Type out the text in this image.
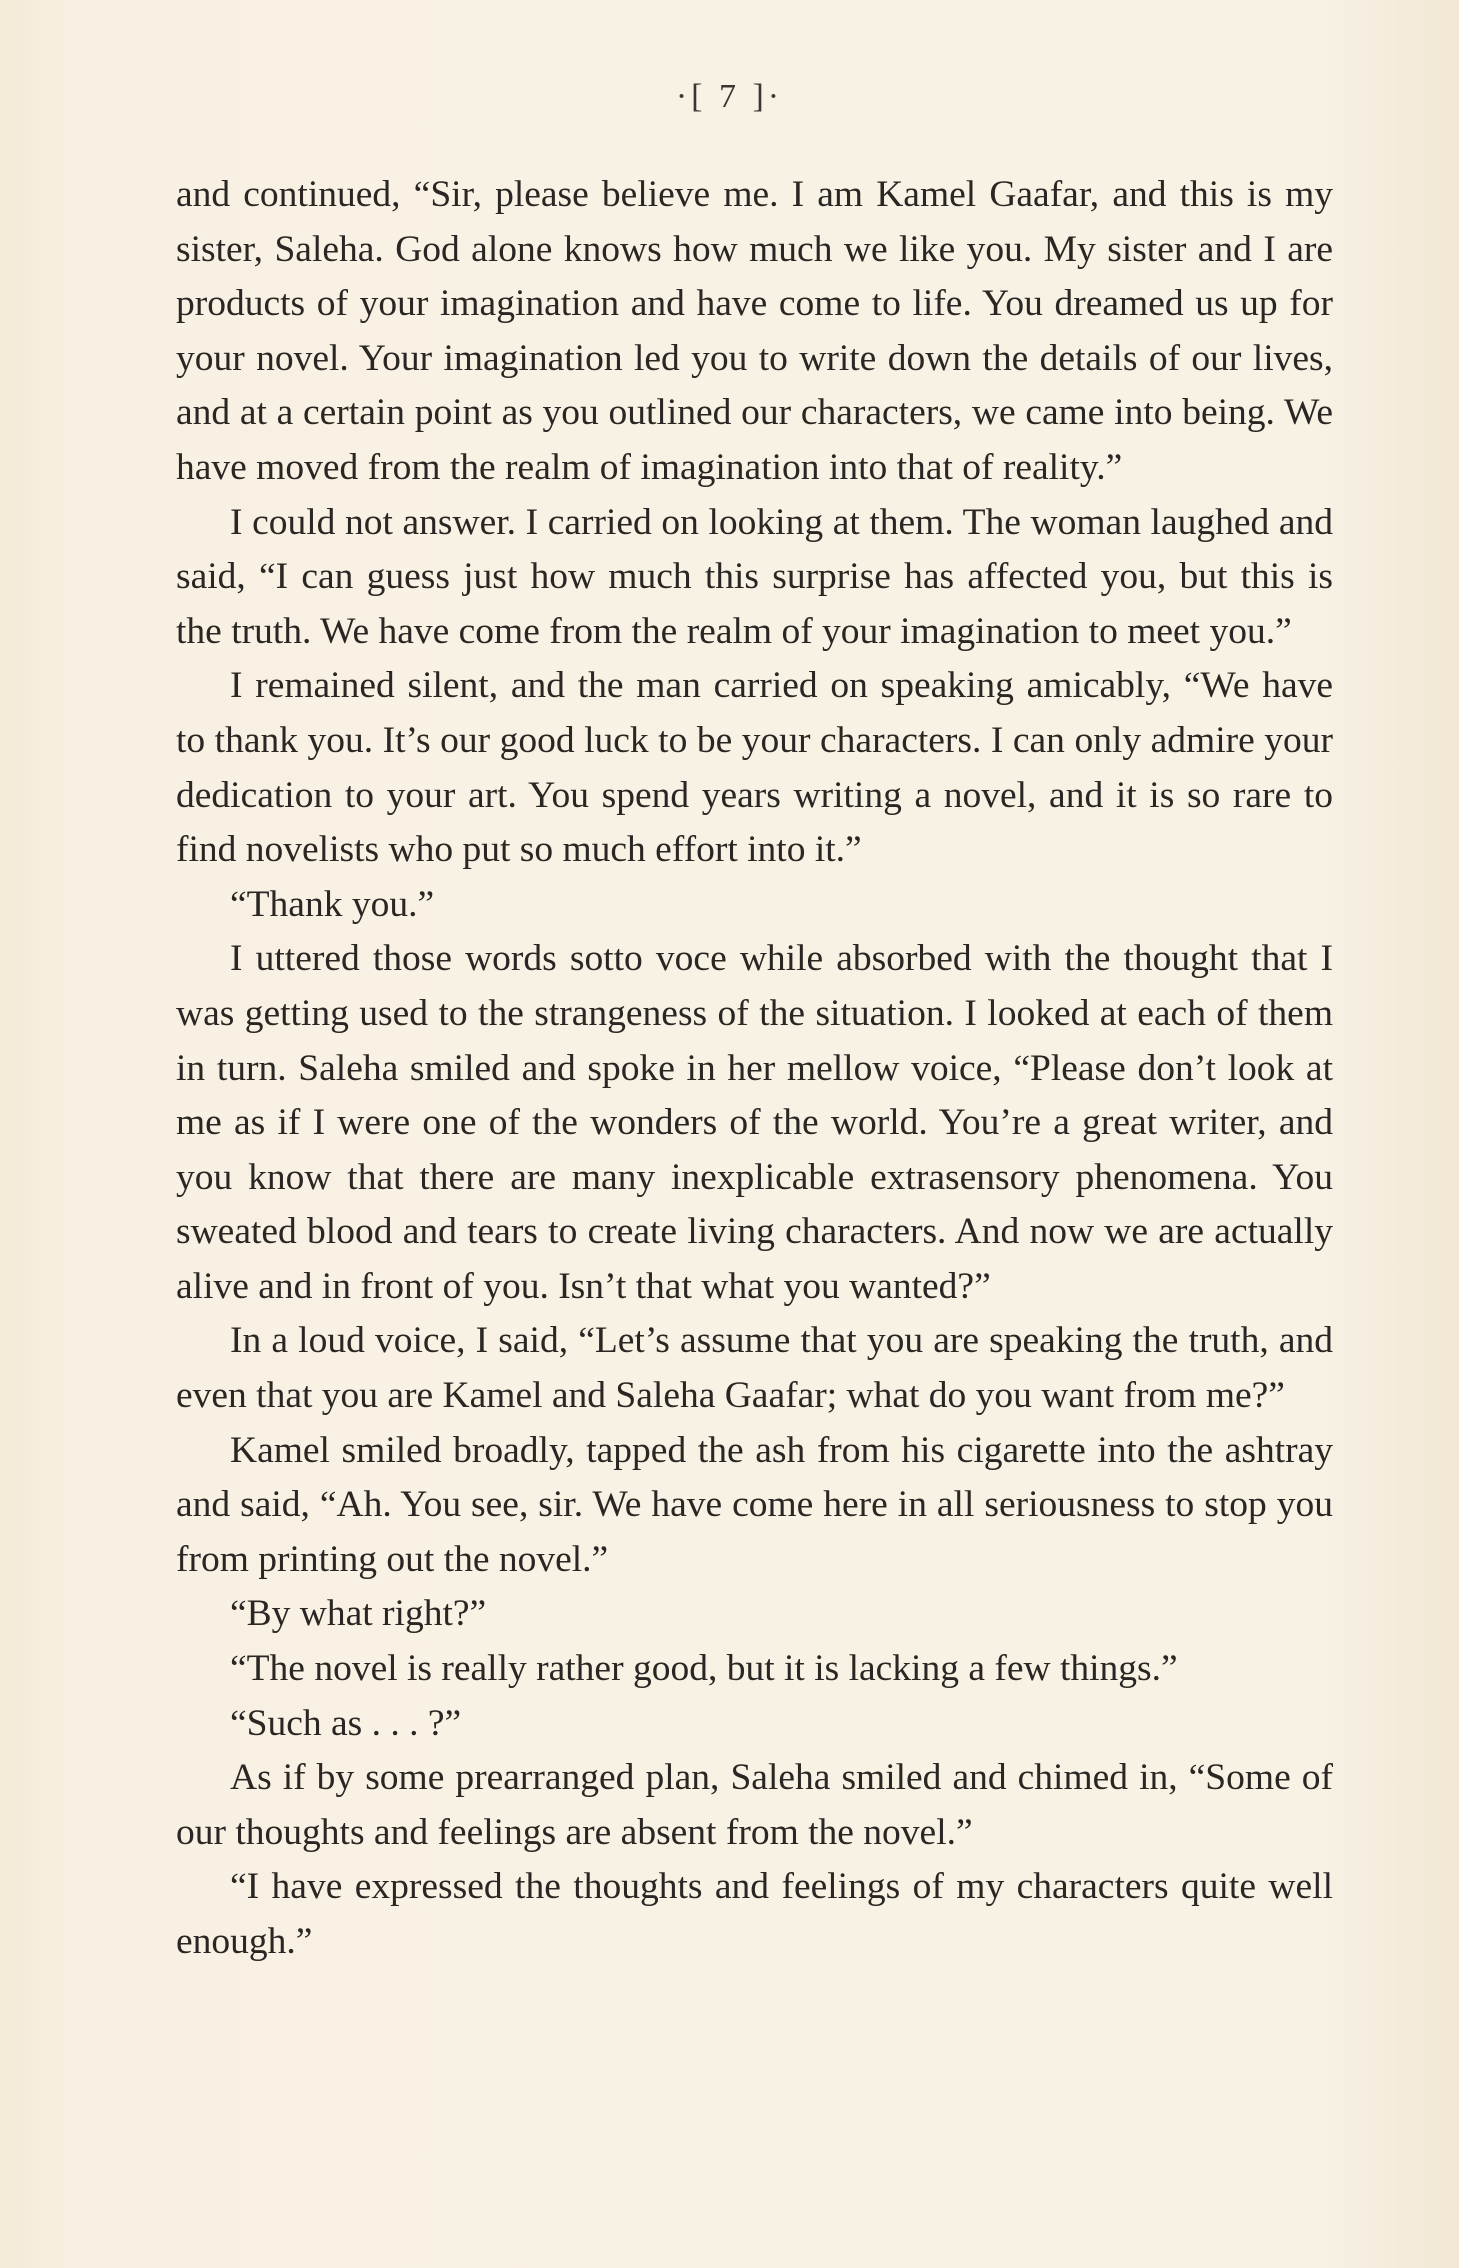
·[ 7 ]·

and continued, “Sir, please believe me. I am Kamel Gaafar, and this is my sister, Saleha. God alone knows how much we like you. My sister and I are products of your imagination and have come to life. You dreamed us up for your novel. Your imagination led you to write down the details of our lives, and at a certain point as you outlined our characters, we came into being. We have moved from the realm of imagination into that of reality.”

I could not answer. I carried on looking at them. The woman laughed and said, “I can guess just how much this surprise has affected you, but this is the truth. We have come from the realm of your imagination to meet you.”

I remained silent, and the man carried on speaking amicably, “We have to thank you. It’s our good luck to be your characters. I can only admire your dedication to your art. You spend years writing a novel, and it is so rare to find novelists who put so much effort into it.”

“Thank you.”

I uttered those words sotto voce while absorbed with the thought that I was getting used to the strangeness of the situation. I looked at each of them in turn. Saleha smiled and spoke in her mellow voice, “Please don’t look at me as if I were one of the wonders of the world. You’re a great writer, and you know that there are many inexplicable extrasensory phenomena. You sweated blood and tears to create living characters. And now we are actually alive and in front of you. Isn’t that what you wanted?”

In a loud voice, I said, “Let’s assume that you are speaking the truth, and even that you are Kamel and Saleha Gaafar; what do you want from me?”

Kamel smiled broadly, tapped the ash from his cigarette into the ashtray and said, “Ah. You see, sir. We have come here in all seriousness to stop you from printing out the novel.”

“By what right?”

“The novel is really rather good, but it is lacking a few things.”

“Such as . . . ?”

As if by some prearranged plan, Saleha smiled and chimed in, “Some of our thoughts and feelings are absent from the novel.”

“I have expressed the thoughts and feelings of my characters quite well enough.”
